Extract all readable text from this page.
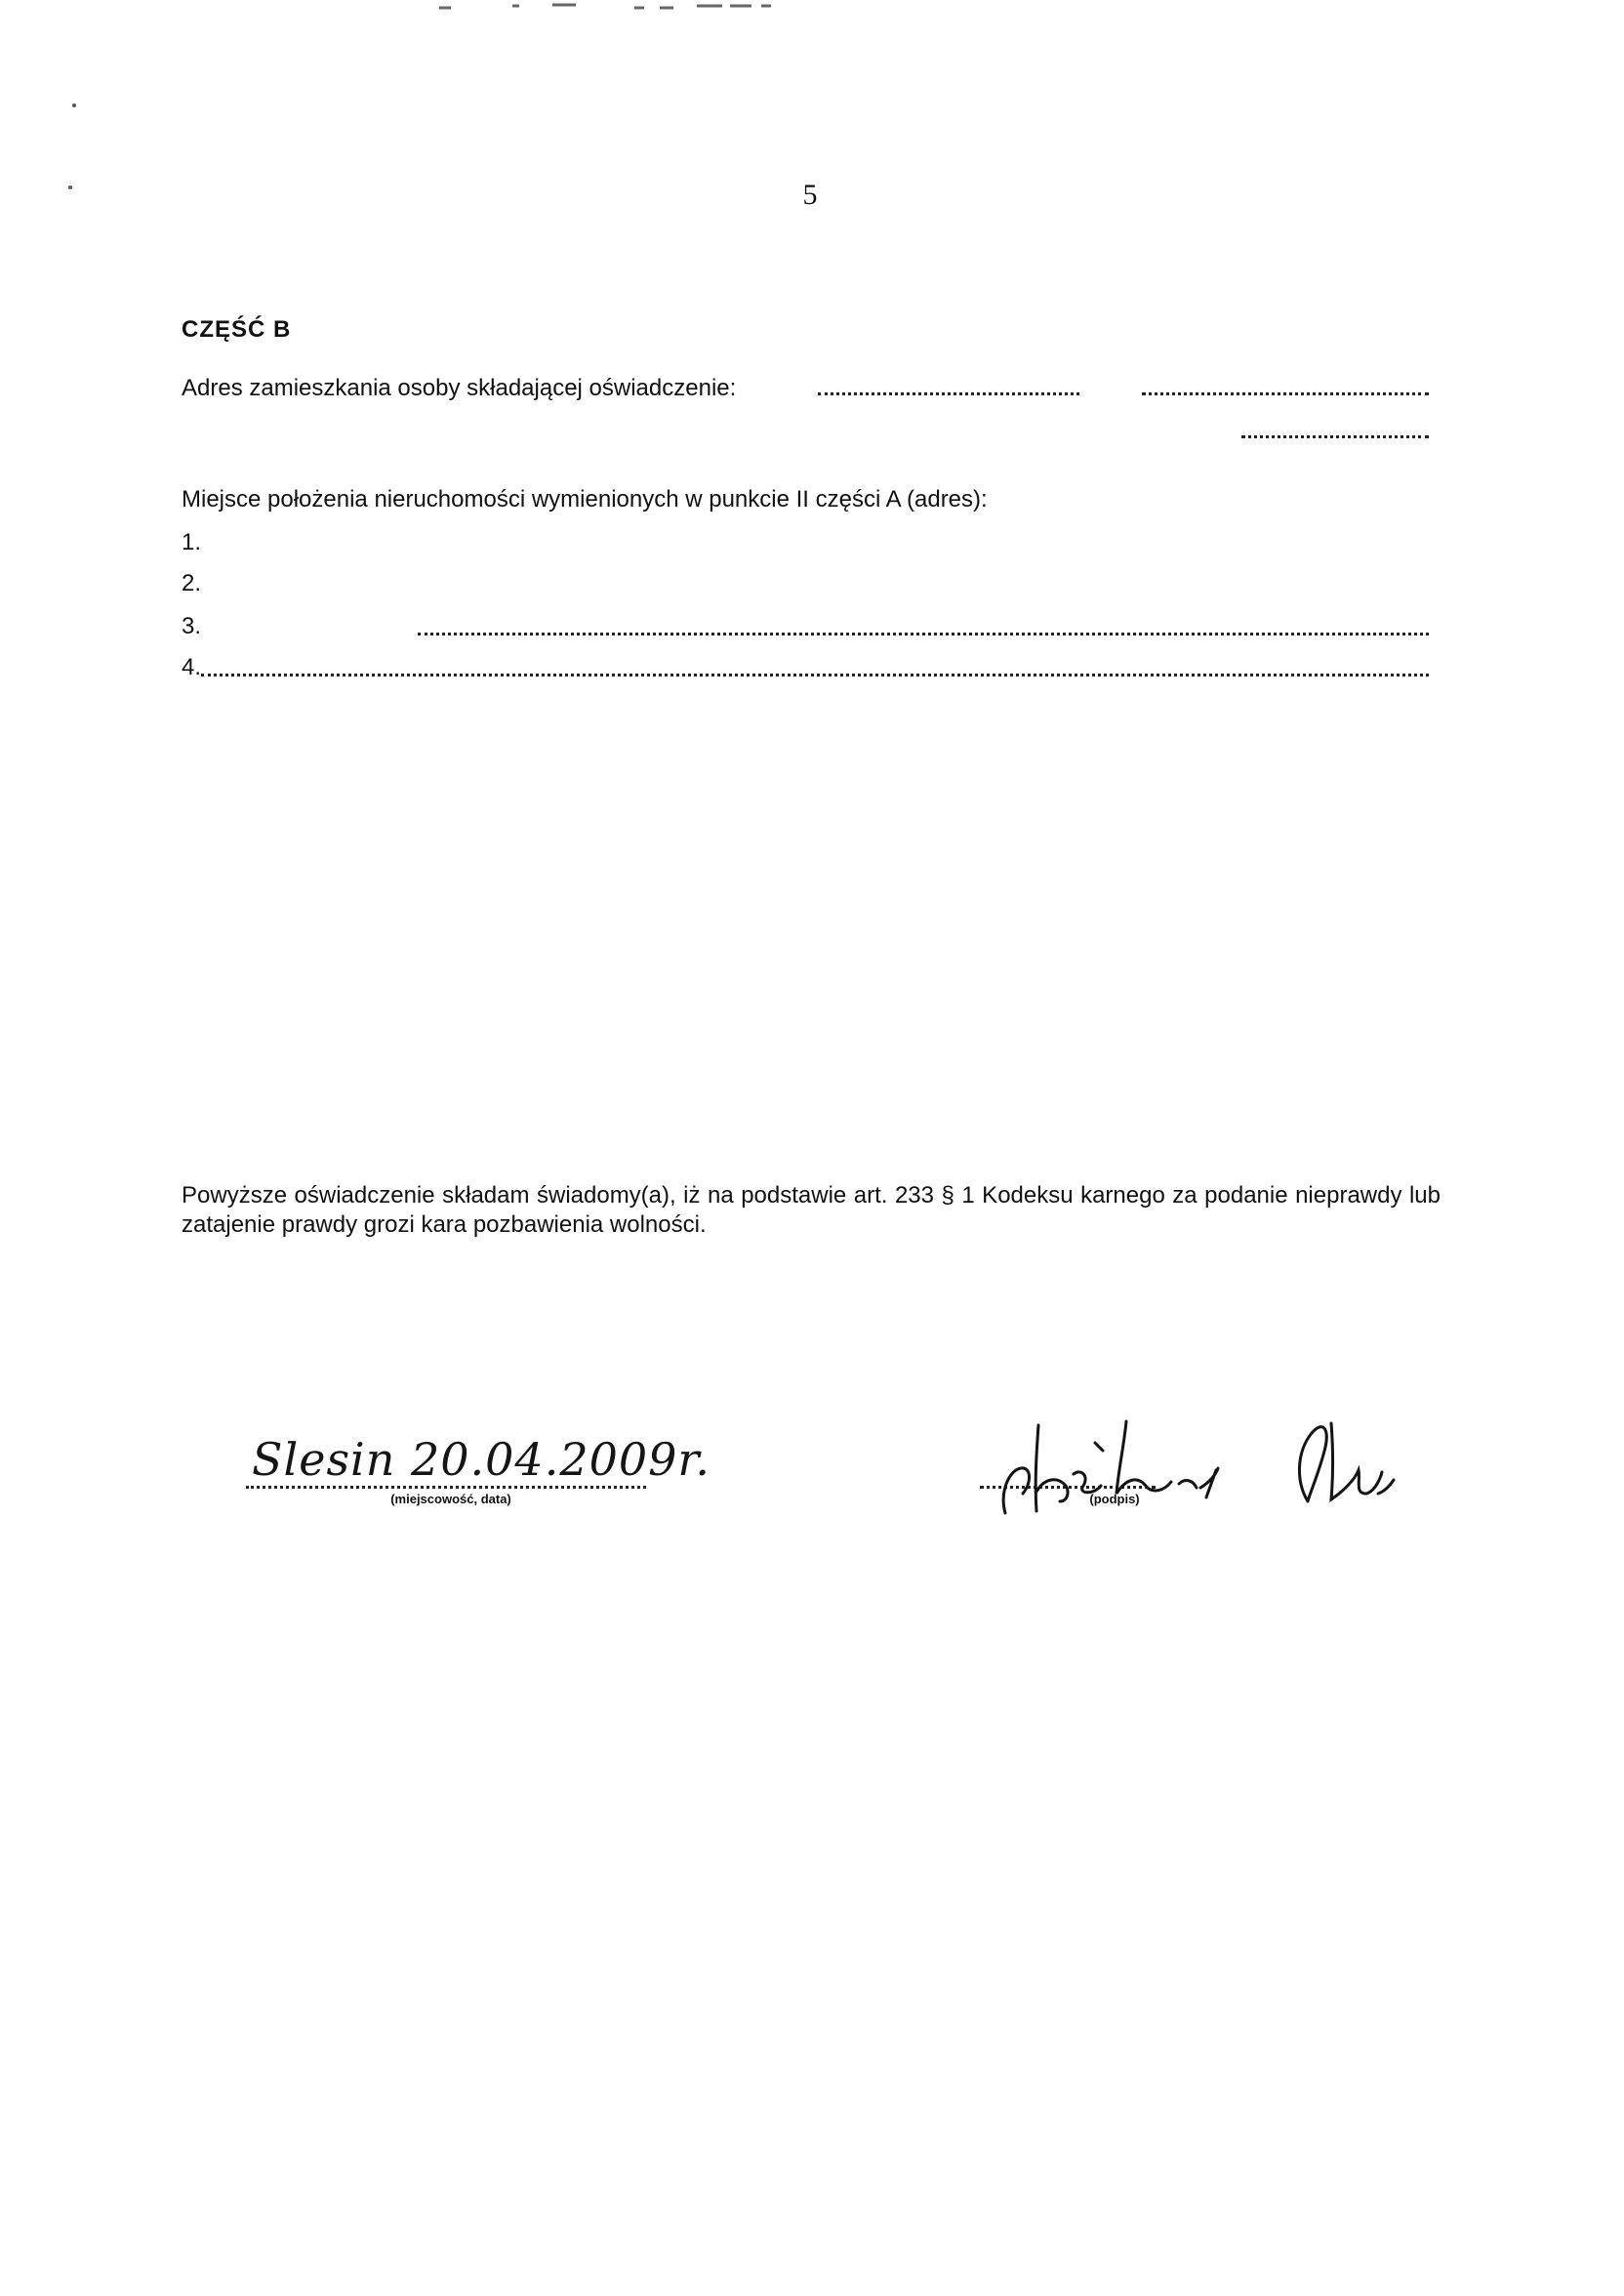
5
CZĘŚĆ B
Adres zamieszkania osoby składającej oświadczenie:
Miejsce położenia nieruchomości wymienionych w punkcie II części A (adres):
1.
2.
3.
4.
Powyższe oświadczenie składam świadomy(a), iż na podstawie art. 233 § 1 Kodeksu karnego za podanie nieprawdy lub zatajenie prawdy grozi kara pozbawienia wolności.
Slesin 20.04.2009r.
(miejscowość, data)	(podpis)
